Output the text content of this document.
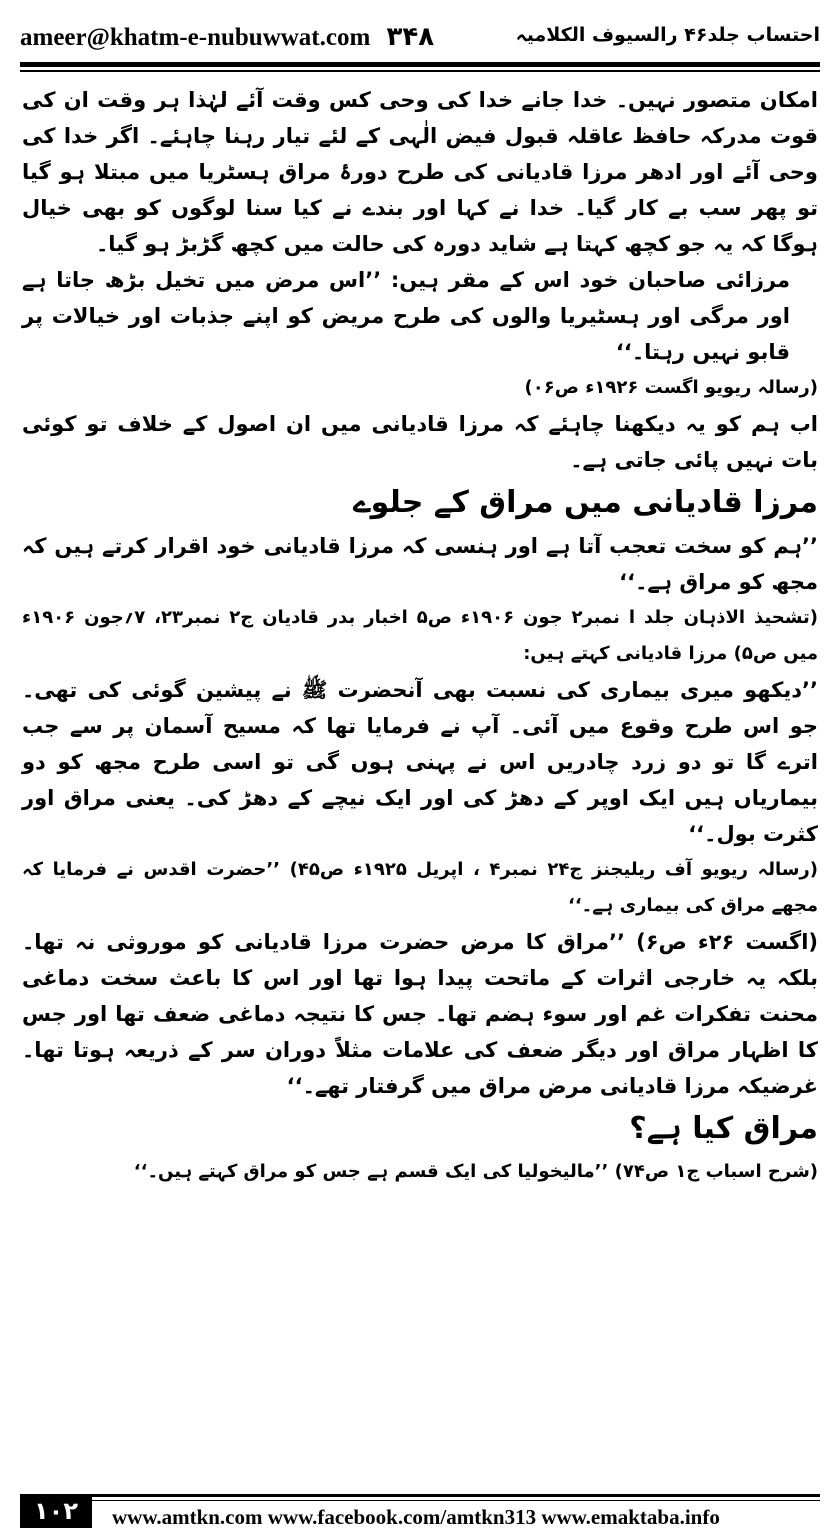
ameer@khatm-e-nubuwwat.com ۳۴۸	احتساب جلد۴۶ رالسیوف الکلامیہ

امکان متصور نہیں۔ خدا جانے خدا کی وحی کس وقت آئے لہٰذا ہر وقت ان کی قوت مدرکہ حافظ عاقلہ قبول فیض الٰہی کے لئے تیار رہنا چاہئے۔ اگر خدا کی وحی آئے اور ادھر مرزا قادیانی کی طرح دورۂ مراق ہسٹریا میں مبتلا ہو گیا تو پھر سب بے کار گیا۔ خدا نے کہا اور بندے نے کیا سنا لوگوں کو بھی خیال ہوگا کہ یہ جو کچھ کہتا ہے شاید دورہ کی حالت میں کچھ گڑبڑ ہو گیا۔

مرزائی صاحبان خود اس کے مقر ہیں: ’’اس مرض میں تخیل بڑھ جاتا ہے اور مرگی اور ہسٹیریا والوں کی طرح مریض کو اپنے جذبات اور خیالات پر قابو نہیں رہتا۔‘‘

(رسالہ ریویو اگست ۱۹۲۶ء ص۰۶)

اب ہم کو یہ دیکھنا چاہئے کہ مرزا قادیانی میں ان اصول کے خلاف تو کوئی بات نہیں پائی جاتی ہے۔

مرزا قادیانی میں مراق کے جلوے

’’ہم کو سخت تعجب آتا ہے اور ہنسی کہ مرزا قادیانی خود اقرار کرتے ہیں کہ مجھ کو مراق ہے۔‘‘

(تشحیذ الاذہان جلد ا نمبر۲ جون ۱۹۰۶ء ص۵ اخبار بدر قادیان ج۲ نمبر۲۳، ۷؍جون ۱۹۰۶ء میں ص۵) مرزا قادیانی کہتے ہیں:

’’دیکھو میری بیماری کی نسبت بھی آنحضرت ﷺ نے پیشین گوئی کی تھی۔ جو اس طرح وقوع میں آئی۔ آپ نے فرمایا تھا کہ مسیح آسمان پر سے جب اترے گا تو دو زرد چادریں اس نے پہنی ہوں گی تو اسی طرح مجھ کو دو بیماریاں ہیں ایک اوپر کے دھڑ کی اور ایک نیچے کے دھڑ کی۔ یعنی مراق اور کثرت بول۔‘‘

(رسالہ ریویو آف ریلیجنز ج۲۴ نمبر۴ ، اپریل ۱۹۲۵ء ص۴۵) ’’حضرت اقدس نے فرمایا کہ مجھے مراق کی بیماری ہے۔‘‘

(اگست ۲۶ء ص۶) ’’مراق کا مرض حضرت مرزا قادیانی کو موروثی نہ تھا۔ بلکہ یہ خارجی اثرات کے ماتحت پیدا ہوا تھا اور اس کا باعث سخت دماغی محنت تفکرات غم اور سوء ہضم تھا۔ جس کا نتیجہ دماغی ضعف تھا اور جس کا اظہار مراق اور دیگر ضعف کی علامات مثلاً دوران سر کے ذریعہ ہوتا تھا۔ غرضیکہ مرزا قادیانی مرض مراق میں گرفتار تھے۔‘‘

مراق کیا ہے؟

(شرح اسباب ج۱ ص۷۴) ’’مالیخولیا کی ایک قسم ہے جس کو مراق کہتے ہیں۔‘‘

۱۰۲	www.amtkn.com www.facebook.com/amtkn313 www.emaktaba.info
